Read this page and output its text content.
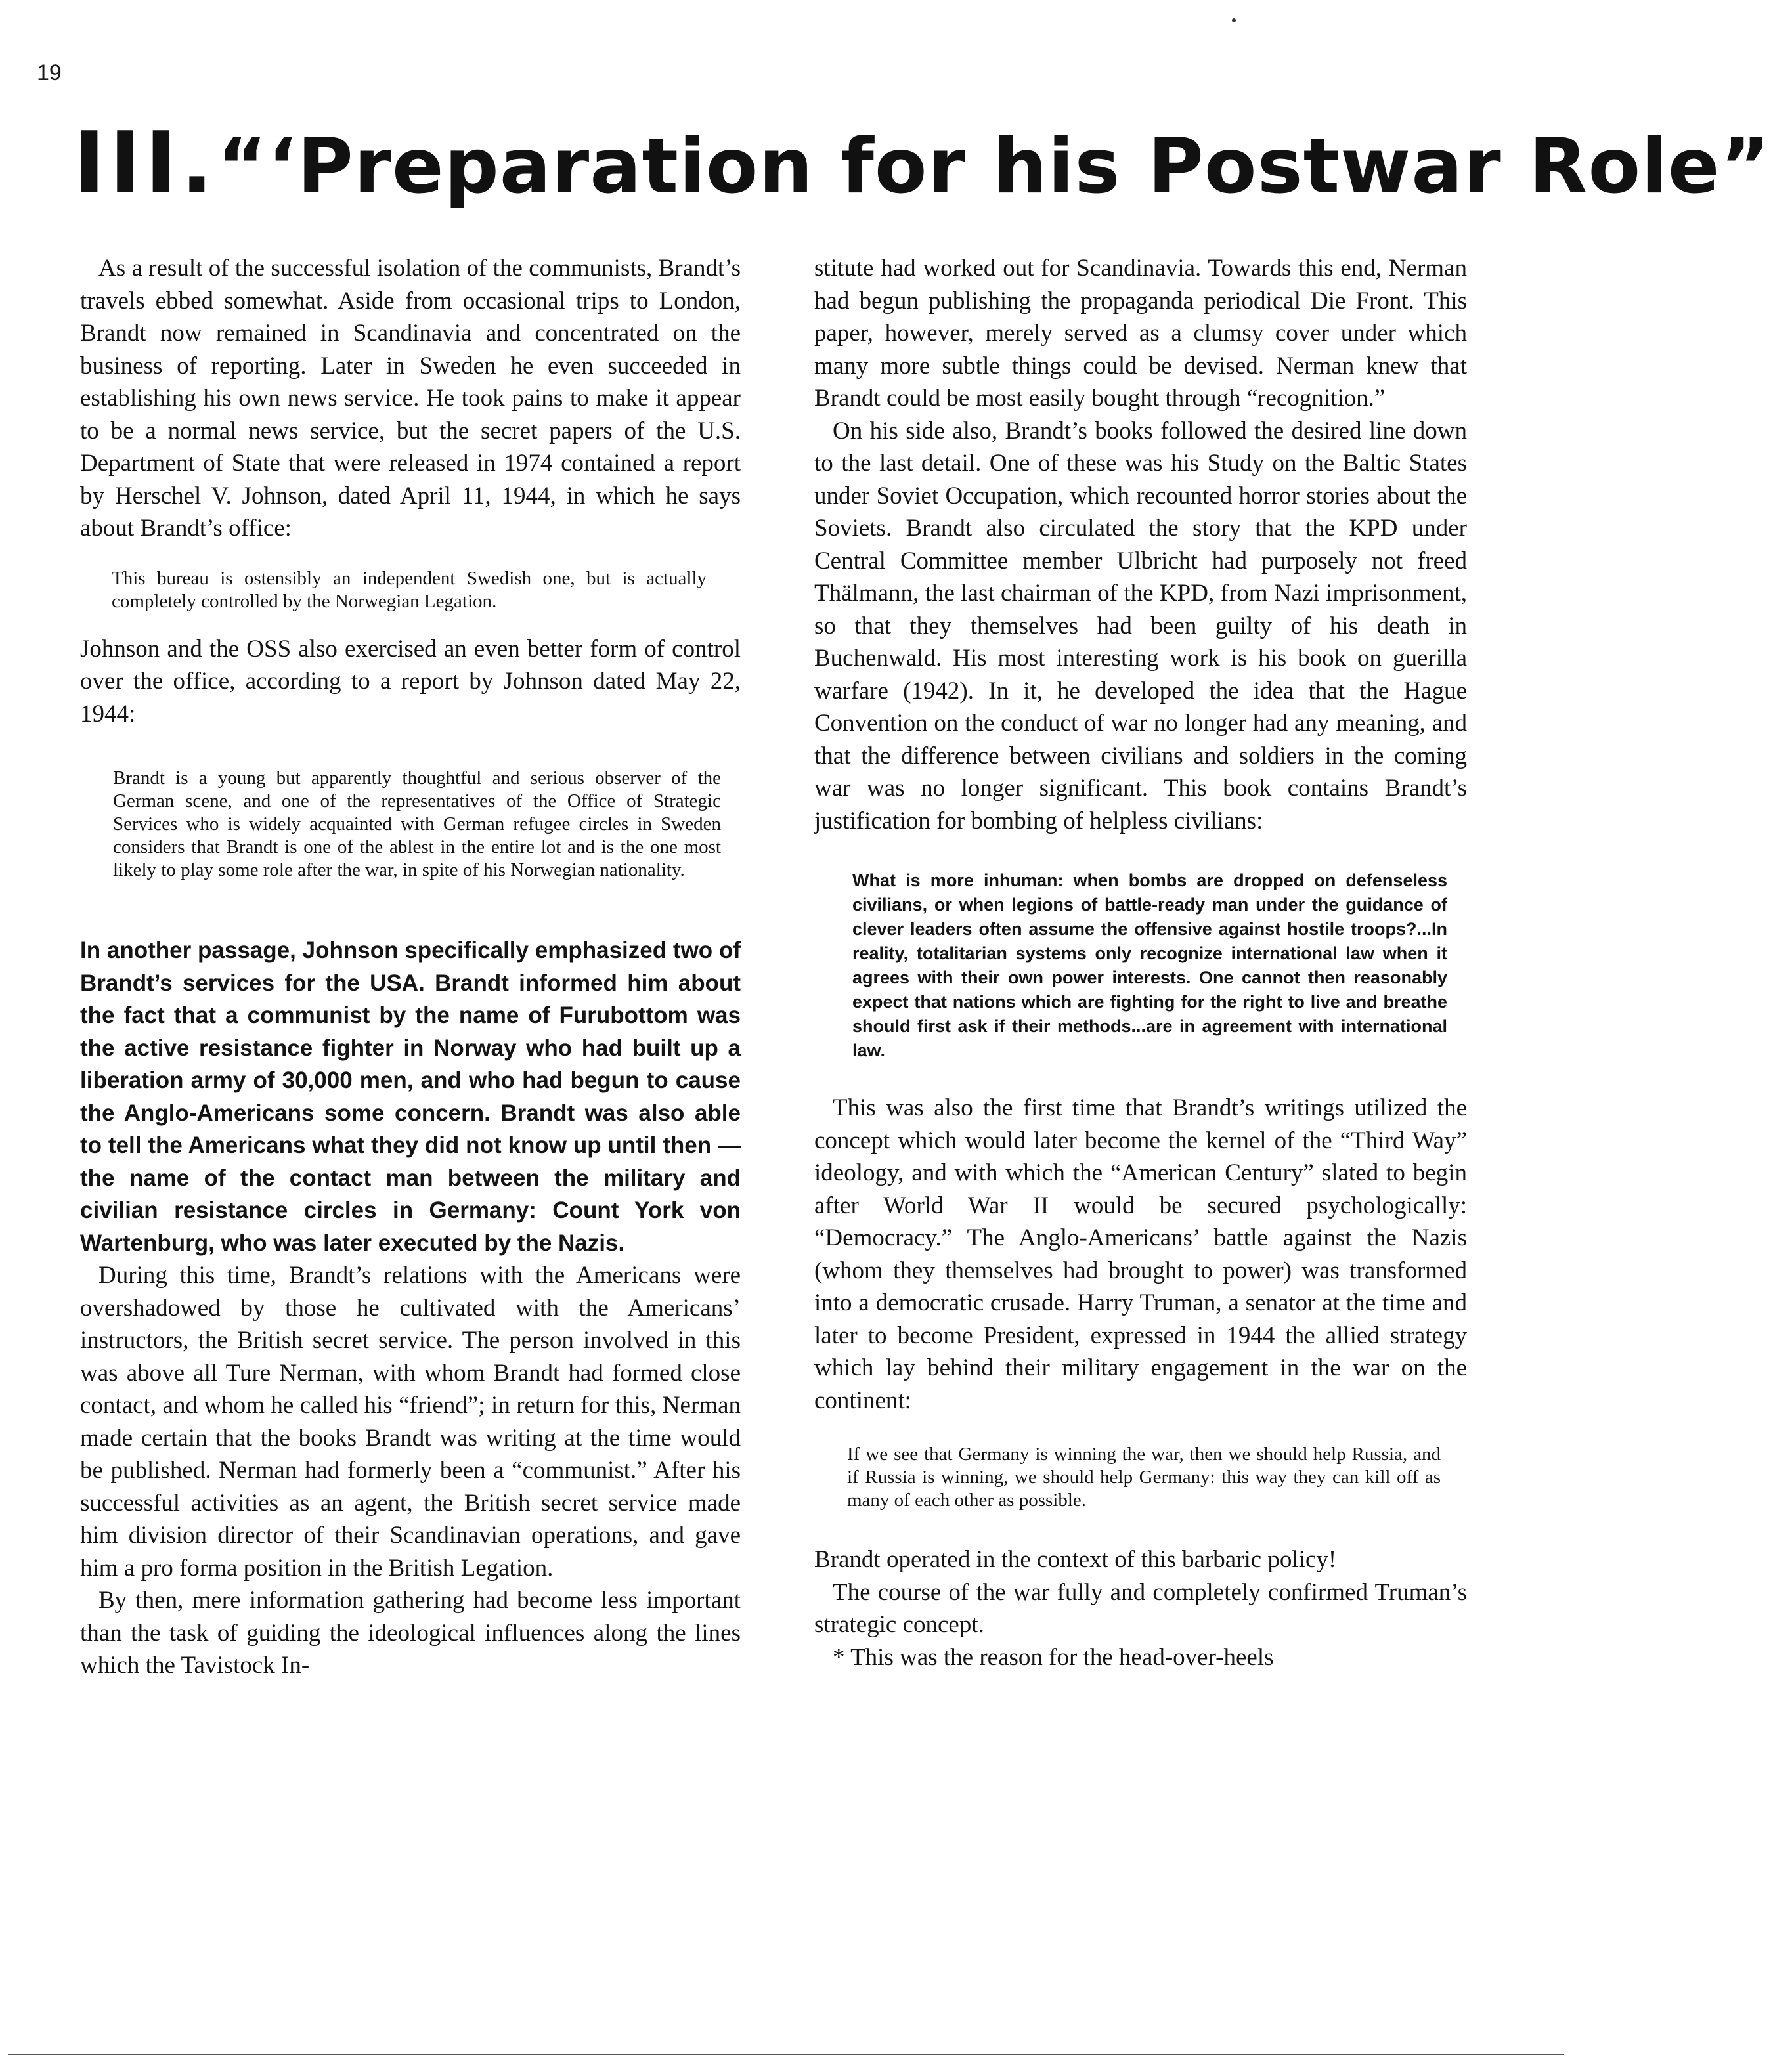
19
III.“‘Preparation for his Postwar Role”

As a result of the successful isolation of the communists, Brandt’s travels ebbed somewhat. Aside from occasional trips to London, Brandt now remained in Scandinavia and concentrated on the business of reporting. Later in Sweden he even succeeded in establishing his own news service. He took pains to make it appear to be a normal news service, but the secret papers of the U.S. Department of State that were released in 1974 contained a report by Herschel V. Johnson, dated April 11, 1944, in which he says about Brandt’s office:

This bureau is ostensibly an independent Swedish one, but is actually completely controlled by the Norwegian Legation.

Johnson and the OSS also exercised an even better form of control over the office, according to a report by Johnson dated May 22, 1944:

Brandt is a young but apparently thoughtful and serious observer of the German scene, and one of the representatives of the Office of Strategic Services who is widely acquainted with German refugee circles in Sweden considers that Brandt is one of the ablest in the entire lot and is the one most likely to play some role after the war, in spite of his Norwegian nationality.

In another passage, Johnson specifically emphasized two of Brandt’s services for the USA. Brandt informed him about the fact that a communist by the name of Furubottom was the active resistance fighter in Norway who had built up a liberation army of 30,000 men, and who had begun to cause the Anglo-Americans some concern. Brandt was also able to tell the Americans what they did not know up until then — the name of the contact man between the military and civilian resistance circles in Germany: Count York von Wartenburg, who was later executed by the Nazis.

During this time, Brandt’s relations with the Americans were overshadowed by those he cultivated with the Americans’ instructors, the British secret service. The person involved in this was above all Ture Nerman, with whom Brandt had formed close contact, and whom he called his “friend”; in return for this, Nerman made certain that the books Brandt was writing at the time would be published. Nerman had formerly been a “communist.” After his successful activities as an agent, the British secret service made him division director of their Scandinavian operations, and gave him a pro forma position in the British Legation.

By then, mere information gathering had become less important than the task of guiding the ideological influences along the lines which the Tavistock In-

stitute had worked out for Scandinavia. Towards this end, Nerman had begun publishing the propaganda periodical Die Front. This paper, however, merely served as a clumsy cover under which many more subtle things could be devised. Nerman knew that Brandt could be most easily bought through “recognition.”

On his side also, Brandt’s books followed the desired line down to the last detail. One of these was his Study on the Baltic States under Soviet Occupation, which recounted horror stories about the Soviets. Brandt also circulated the story that the KPD under Central Committee member Ulbricht had purposely not freed Thälmann, the last chairman of the KPD, from Nazi imprisonment, so that they themselves had been guilty of his death in Buchenwald. His most interesting work is his book on guerilla warfare (1942). In it, he developed the idea that the Hague Convention on the conduct of war no longer had any meaning, and that the difference between civilians and soldiers in the coming war was no longer significant. This book contains Brandt’s justification for bombing of helpless civilians:

What is more inhuman: when bombs are dropped on defenseless civilians, or when legions of battle-ready man under the guidance of clever leaders often assume the offensive against hostile troops?...In reality, totalitarian systems only recognize international law when it agrees with their own power interests. One cannot then reasonably expect that nations which are fighting for the right to live and breathe should first ask if their methods...are in agreement with international law.

This was also the first time that Brandt’s writings utilized the concept which would later become the kernel of the “Third Way” ideology, and with which the “American Century” slated to begin after World War II would be secured psychologically: “Democracy.” The Anglo-Americans’ battle against the Nazis (whom they themselves had brought to power) was transformed into a democratic crusade. Harry Truman, a senator at the time and later to become President, expressed in 1944 the allied strategy which lay behind their military engagement in the war on the continent:

If we see that Germany is winning the war, then we should help Russia, and if Russia is winning, we should help Germany: this way they can kill off as many of each other as possible.

Brandt operated in the context of this barbaric policy!

The course of the war fully and completely confirmed Truman’s strategic concept.

* This was the reason for the head-over-heels
